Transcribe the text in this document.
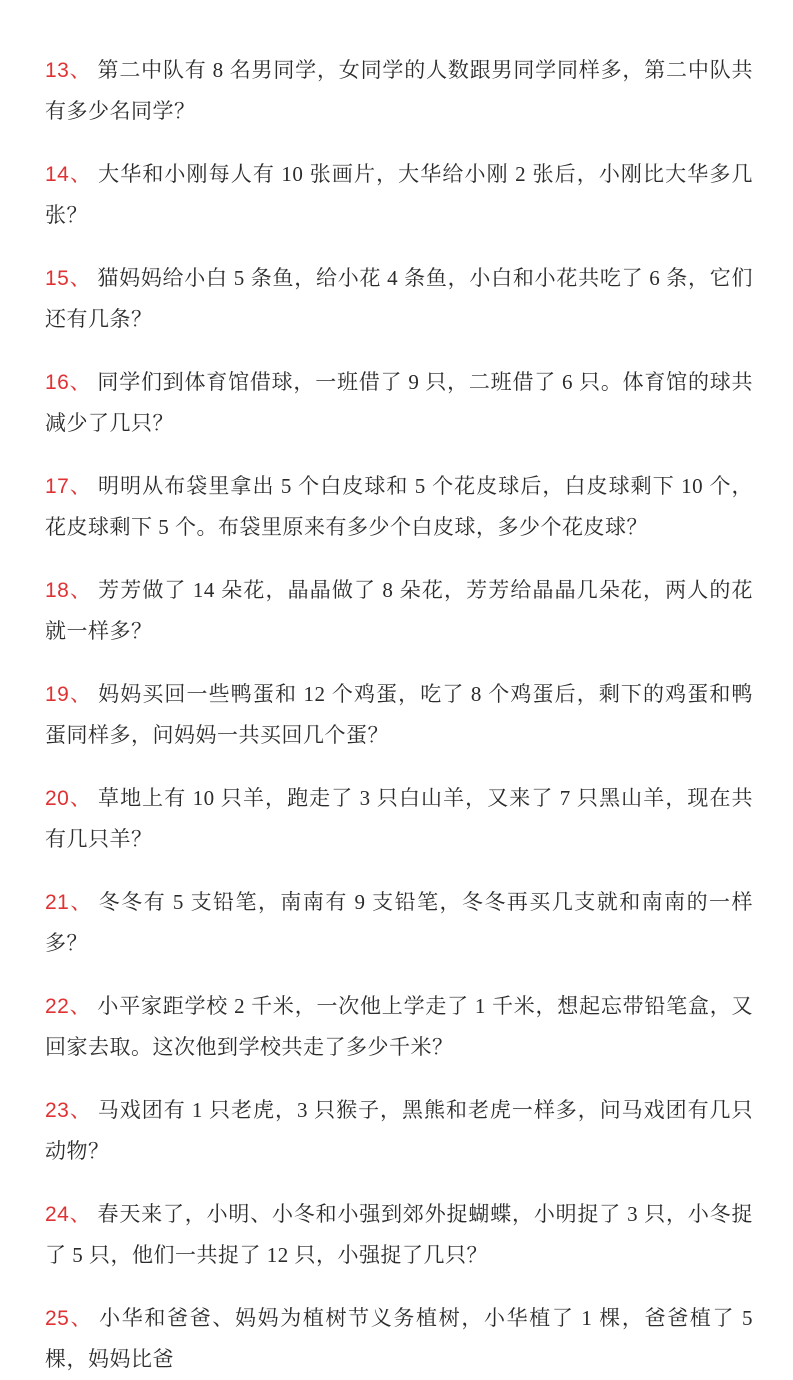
13、 第二中队有 8 名男同学，女同学的人数跟男同学同样多，第二中队共有多少名同学？

14、 大华和小刚每人有 10 张画片，大华给小刚 2 张后，小刚比大华多几张？

15、 猫妈妈给小白 5 条鱼，给小花 4 条鱼，小白和小花共吃了 6 条，它们还有几条？

16、 同学们到体育馆借球，一班借了 9 只，二班借了 6 只。体育馆的球共减少了几只？

17、 明明从布袋里拿出 5 个白皮球和 5 个花皮球后，白皮球剩下 10 个，花皮球剩下 5 个。布袋里原来有多少个白皮球，多少个花皮球？

18、 芳芳做了 14 朵花，晶晶做了 8 朵花，芳芳给晶晶几朵花，两人的花就一样多？

19、 妈妈买回一些鸭蛋和 12 个鸡蛋，吃了 8 个鸡蛋后，剩下的鸡蛋和鸭蛋同样多，问妈妈一共买回几个蛋？

20、 草地上有 10 只羊，跑走了 3 只白山羊，又来了 7 只黑山羊，现在共有几只羊？

21、 冬冬有 5 支铅笔，南南有 9 支铅笔，冬冬再买几支就和南南的一样多？

22、 小平家距学校 2 千米，一次他上学走了 1 千米，想起忘带铅笔盒，又回家去取。这次他到学校共走了多少千米？

23、 马戏团有 1 只老虎，3 只猴子，黑熊和老虎一样多，问马戏团有几只动物？

24、 春天来了，小明、小冬和小强到郊外捉蝴蝶，小明捉了 3 只，小冬捉了 5 只，他们一共捉了 12 只，小强捉了几只？

25、 小华和爸爸、妈妈为植树节义务植树，小华植了 1 棵，爸爸植了 5 棵，妈妈比爸
